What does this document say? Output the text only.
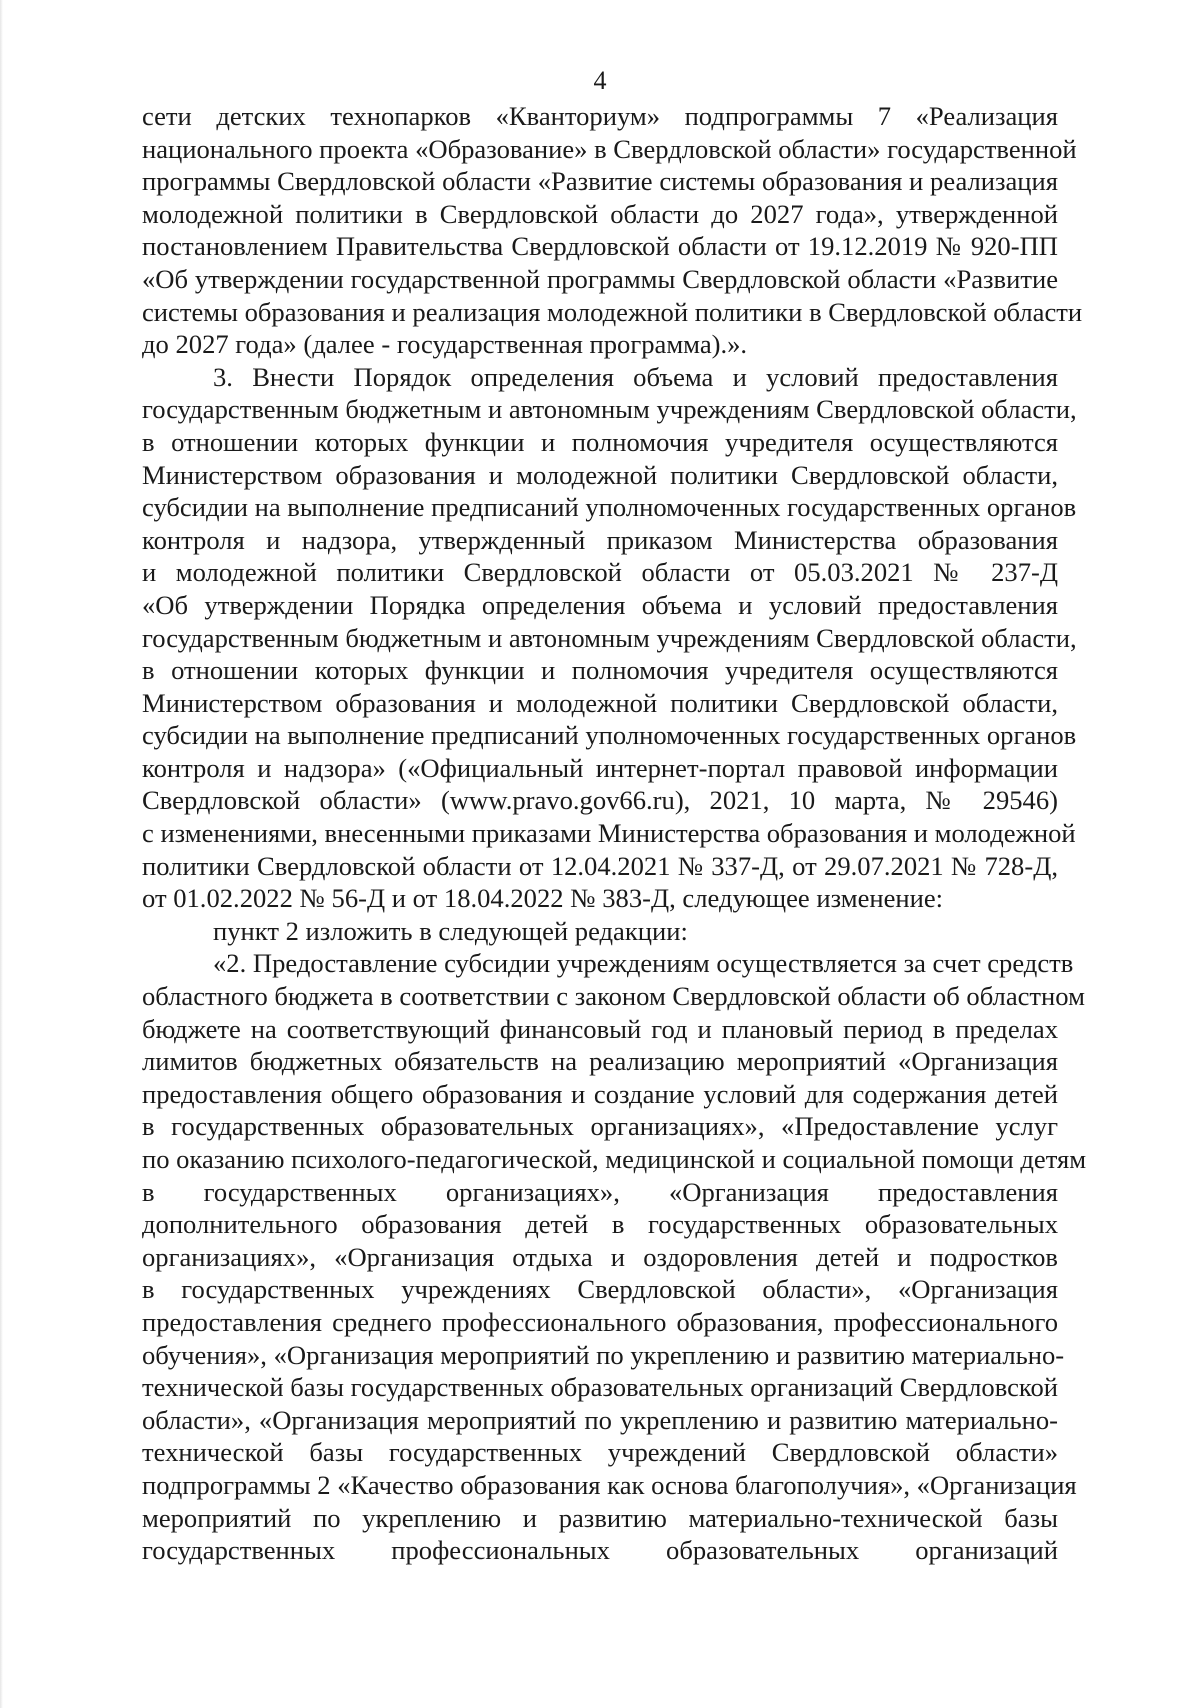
4
сети детских технопарков «Кванториум» подпрограммы 7 «Реализация
национального проекта «Образование» в Свердловской области» государственной
программы Свердловской области «Развитие системы образования и реализация
молодежной политики в Свердловской области до 2027 года», утвержденной
постановлением Правительства Свердловской области от 19.12.2019 № 920-ПП
«Об утверждении государственной программы Свердловской области «Развитие
системы образования и реализация молодежной политики в Свердловской области
до 2027 года» (далее - государственная программа).».
3. Внести Порядок определения объема и условий предоставления
государственным бюджетным и автономным учреждениям Свердловской области,
в отношении которых функции и полномочия учредителя осуществляются
Министерством образования и молодежной политики Свердловской области,
субсидии на выполнение предписаний уполномоченных государственных органов
контроля и надзора, утвержденный приказом Министерства образования
и молодежной политики Свердловской области от 05.03.2021 № 237-Д
«Об утверждении Порядка определения объема и условий предоставления
государственным бюджетным и автономным учреждениям Свердловской области,
в отношении которых функции и полномочия учредителя осуществляются
Министерством образования и молодежной политики Свердловской области,
субсидии на выполнение предписаний уполномоченных государственных органов
контроля и надзора» («Официальный интернет-портал правовой информации
Свердловской области» (www.pravo.gov66.ru), 2021, 10 марта, № 29546)
с изменениями, внесенными приказами Министерства образования и молодежной
политики Свердловской области от 12.04.2021 № 337-Д, от 29.07.2021 № 728-Д,
от 01.02.2022 № 56-Д и от 18.04.2022 № 383-Д, следующее изменение:
пункт 2 изложить в следующей редакции:
«2. Предоставление субсидии учреждениям осуществляется за счет средств
областного бюджета в соответствии с законом Свердловской области об областном
бюджете на соответствующий финансовый год и плановый период в пределах
лимитов бюджетных обязательств на реализацию мероприятий «Организация
предоставления общего образования и создание условий для содержания детей
в государственных образовательных организациях», «Предоставление услуг
по оказанию психолого-педагогической, медицинской и социальной помощи детям
в государственных организациях», «Организация предоставления
дополнительного образования детей в государственных образовательных
организациях», «Организация отдыха и оздоровления детей и подростков
в государственных учреждениях Свердловской области», «Организация
предоставления среднего профессионального образования, профессионального
обучения», «Организация мероприятий по укреплению и развитию материально-
технической базы государственных образовательных организаций Свердловской
области», «Организация мероприятий по укреплению и развитию материально-
технической базы государственных учреждений Свердловской области»
подпрограммы 2 «Качество образования как основа благополучия», «Организация
мероприятий по укреплению и развитию материально-технической базы
государственных профессиональных образовательных организаций
